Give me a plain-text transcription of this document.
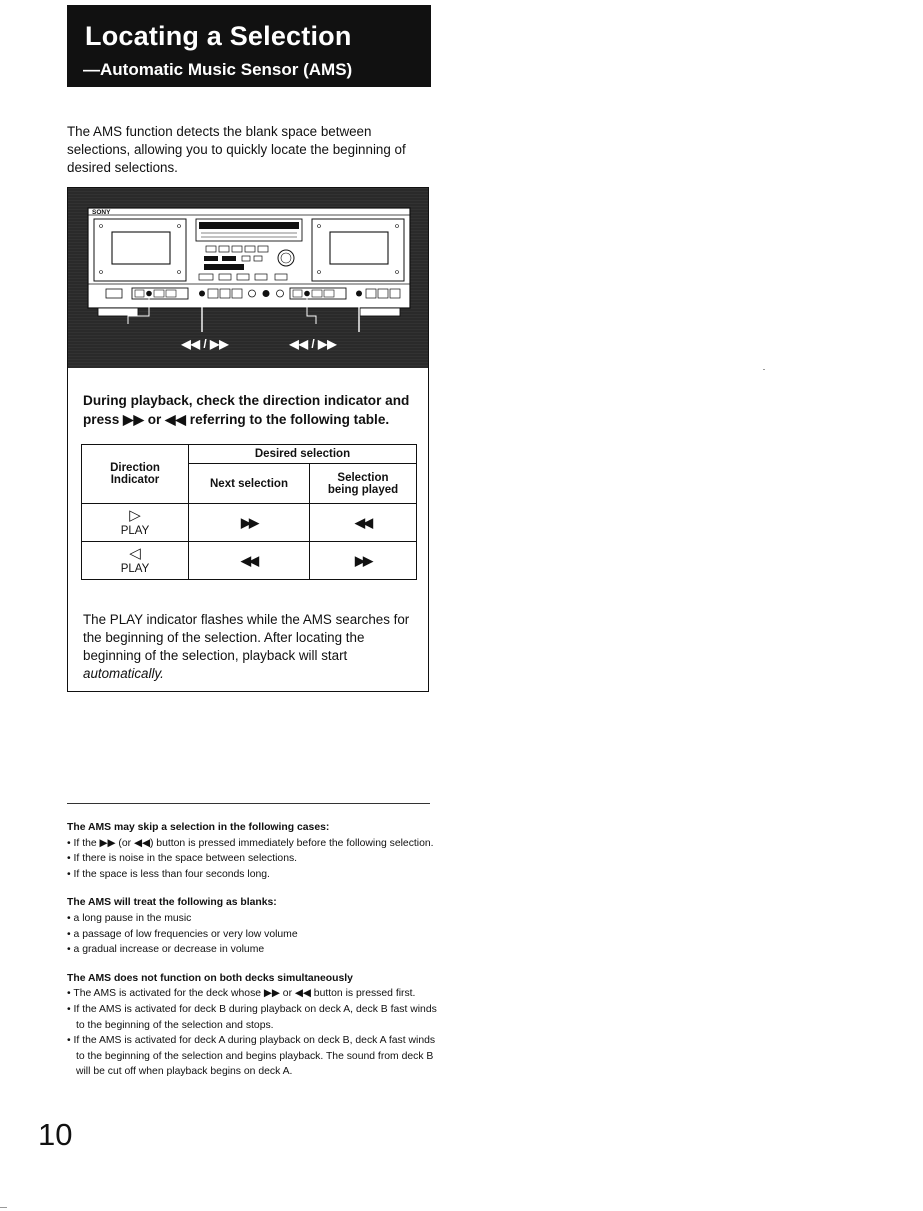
Locating a Selection
—Automatic Music Sensor (AMS)
The AMS function detects the blank space between
selections, allowing you to quickly locate the beginning of
desired selections.
SONY
◀◀ / ▶▶	◀◀ / ▶▶
During playback, check the direction indicator and
press ▶▶ or ◀◀ referring to the following table.
Direction
Indicator	Desired selection	
	Next selection	Selection
being played

▷
PLAY	▶▶	◀◀

◁
PLAY	◀◀	▶▶
The PLAY indicator flashes while the AMS searches for
the beginning of the selection. After locating the
beginning of the selection, playback will start
automatically.
The AMS may skip a selection in the following cases:
• If the ▶▶ (or ◀◀) button is pressed immediately before the following selection.
• If there is noise in the space between selections.
• If the space is less than four seconds long.
The AMS will treat the following as blanks:
• a long pause in the music
• a passage of low frequencies or very low volume
• a gradual increase or decrease in volume
The AMS does not function on both decks simultaneously
• The AMS is activated for the deck whose ▶▶ or ◀◀ button is pressed first.
• If the AMS is activated for deck B during playback on deck A, deck B fast winds to the beginning of the selection and stops.
• If the AMS is activated for deck A during playback on deck B, deck A fast winds to the beginning of the selection and begins playback. The sound from deck B will be cut off when playback begins on deck A.
10
